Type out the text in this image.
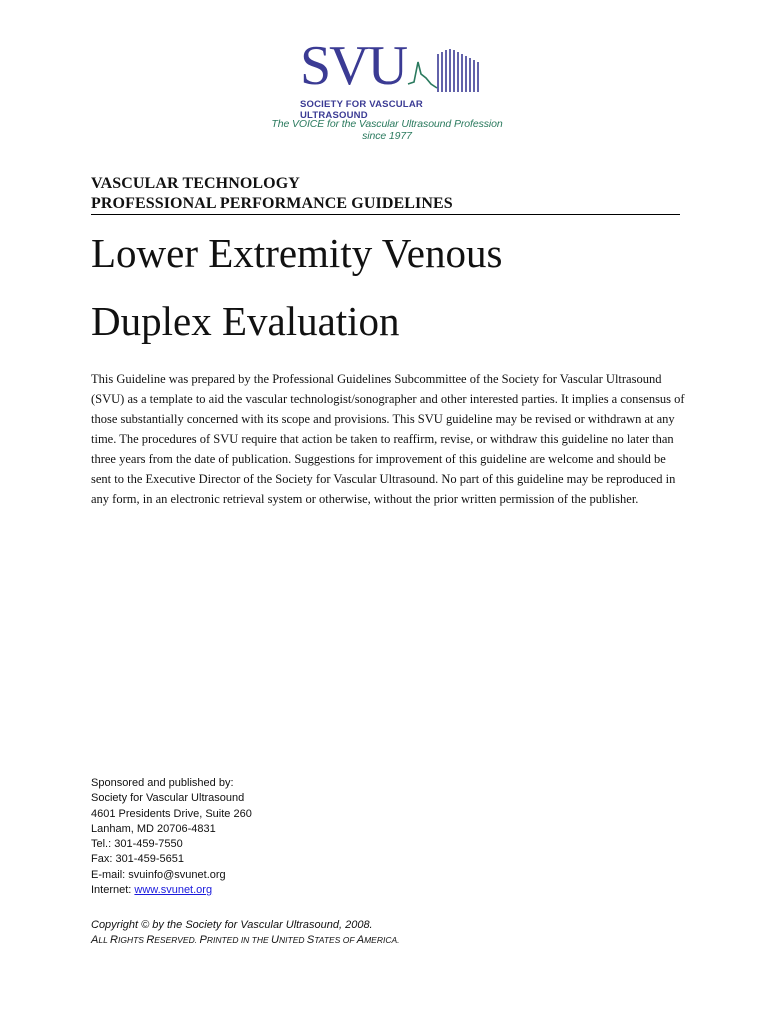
SVU
SOCIETY FOR VASCULAR ULTRASOUND
The VOICE for the Vascular Ultrasound Profession since 1977

VASCULAR TECHNOLOGY

PROFESSIONAL PERFORMANCE GUIDELINES

Lower Extremity Venous
Duplex Evaluation

This Guideline was prepared by the Professional Guidelines Subcommittee of the Society for Vascular Ultrasound (SVU) as a template to aid the vascular technologist/sonographer and other interested parties. It implies a consensus of those substantially concerned with its scope and provisions. This SVU guideline may be revised or withdrawn at any time. The procedures of SVU require that action be taken to reaffirm, revise, or withdraw this guideline no later than three years from the date of publication. Suggestions for improvement of this guideline are welcome and should be sent to the Executive Director of the Society for Vascular Ultrasound. No part of this guideline may be reproduced in any form, in an electronic retrieval system or otherwise, without the prior written permission of the publisher.

Sponsored and published by:
Society for Vascular Ultrasound
4601 Presidents Drive, Suite 260
Lanham, MD 20706-4831
Tel.: 301-459-7550
Fax: 301-459-5651
E-mail: svuinfo@svunet.org
Internet: www.svunet.org
Copyright © by the Society for Vascular Ultrasound, 2008.
ALL RIGHTS RESERVED. PRINTED IN THE UNITED STATES OF AMERICA.
